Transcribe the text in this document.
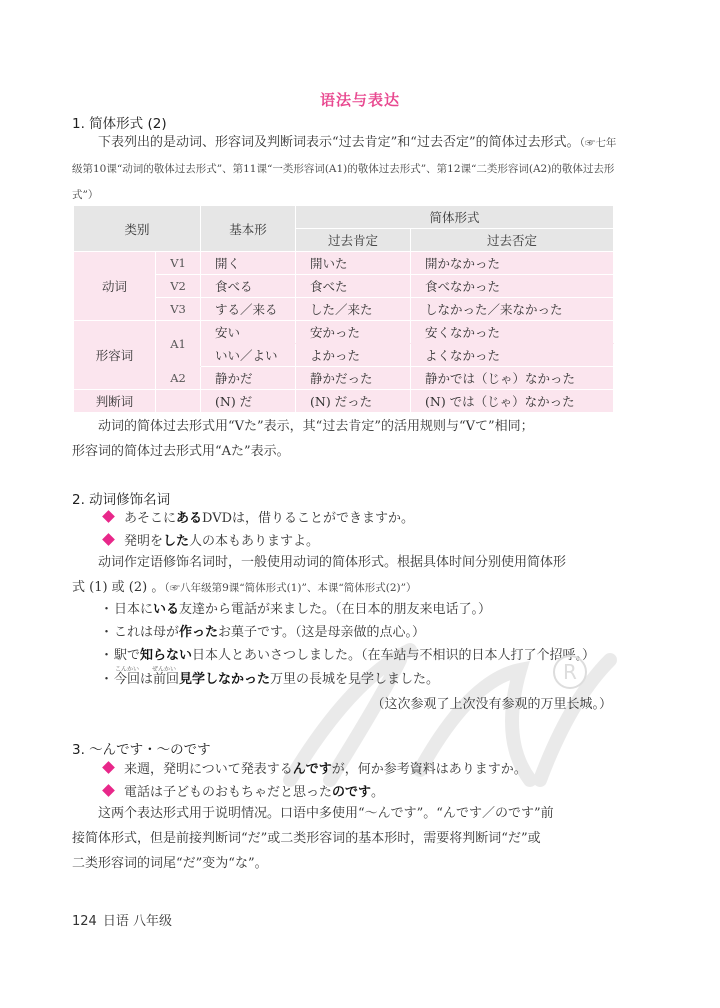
语法与表达
1. 简体形式 (2)
下表列出的是动词、形容词及判断词表示“过去肯定”和“过去否定”的简体过去形式。（☞七年级第10课“动词的敬体过去形式”、第11课“一类形容词(A1)的敬体过去形式”、第12课“二类形容词(A2)的敬体过去形式”）
类别		基本形	简体形式	
			过去肯定	过去否定
动词	V1	開く	開いた	開かなかった
	V2	食べる	食べた	食べなかった
	V3	する／来る	した／来た	しなかった／来なかった
形容词	A1	安い	安かった	安くなかった
		いい／よい	よかった	よくなかった
	A2	静かだ	静かだった	静かでは（じゃ）なかった
判断词		(N) だ	(N) だった	(N) では（じゃ）なかった
动词的简体过去形式用“Vた”表示，其“过去肯定”的活用规则与“Vて”相同；
形容词的简体过去形式用“Aた”表示。
2. 动词修饰名词
あそこにあるDVDは，借りることができますか。
発明をした人の本もありますよ。
动词作定语修饰名词时，一般使用动词的简体形式。根据具体时间分别使用简体形
式 (1) 或 (2) 。（☞八年级第9课“简体形式(1)”、本课“简体形式(2)”）
・日本にいる友達から電話が来ました。（在日本的朋友来电话了。）
・これは母が作ったお菓子です。（这是母亲做的点心。）
・駅で知らない日本人とあいさつしました。（在车站与不相识的日本人打了个招呼。）
こんかい ぜんかい
・今回は前回見学しなかった万里の長城を見学しました。
（这次参观了上次没有参观的万里长城。）
R
3. ～んです・～のです
来週，発明について発表するんですが，何か参考資料はありますか。
電話は子どものおもちゃだと思ったのです。
这两个表达形式用于说明情况。口语中多使用“～んです”。“んです／のです”前
接简体形式，但是前接判断词“だ”或二类形容词的基本形时，需要将判断词“だ”或
二类形容词的词尾“だ”变为“な”。
124 日语 八年级
